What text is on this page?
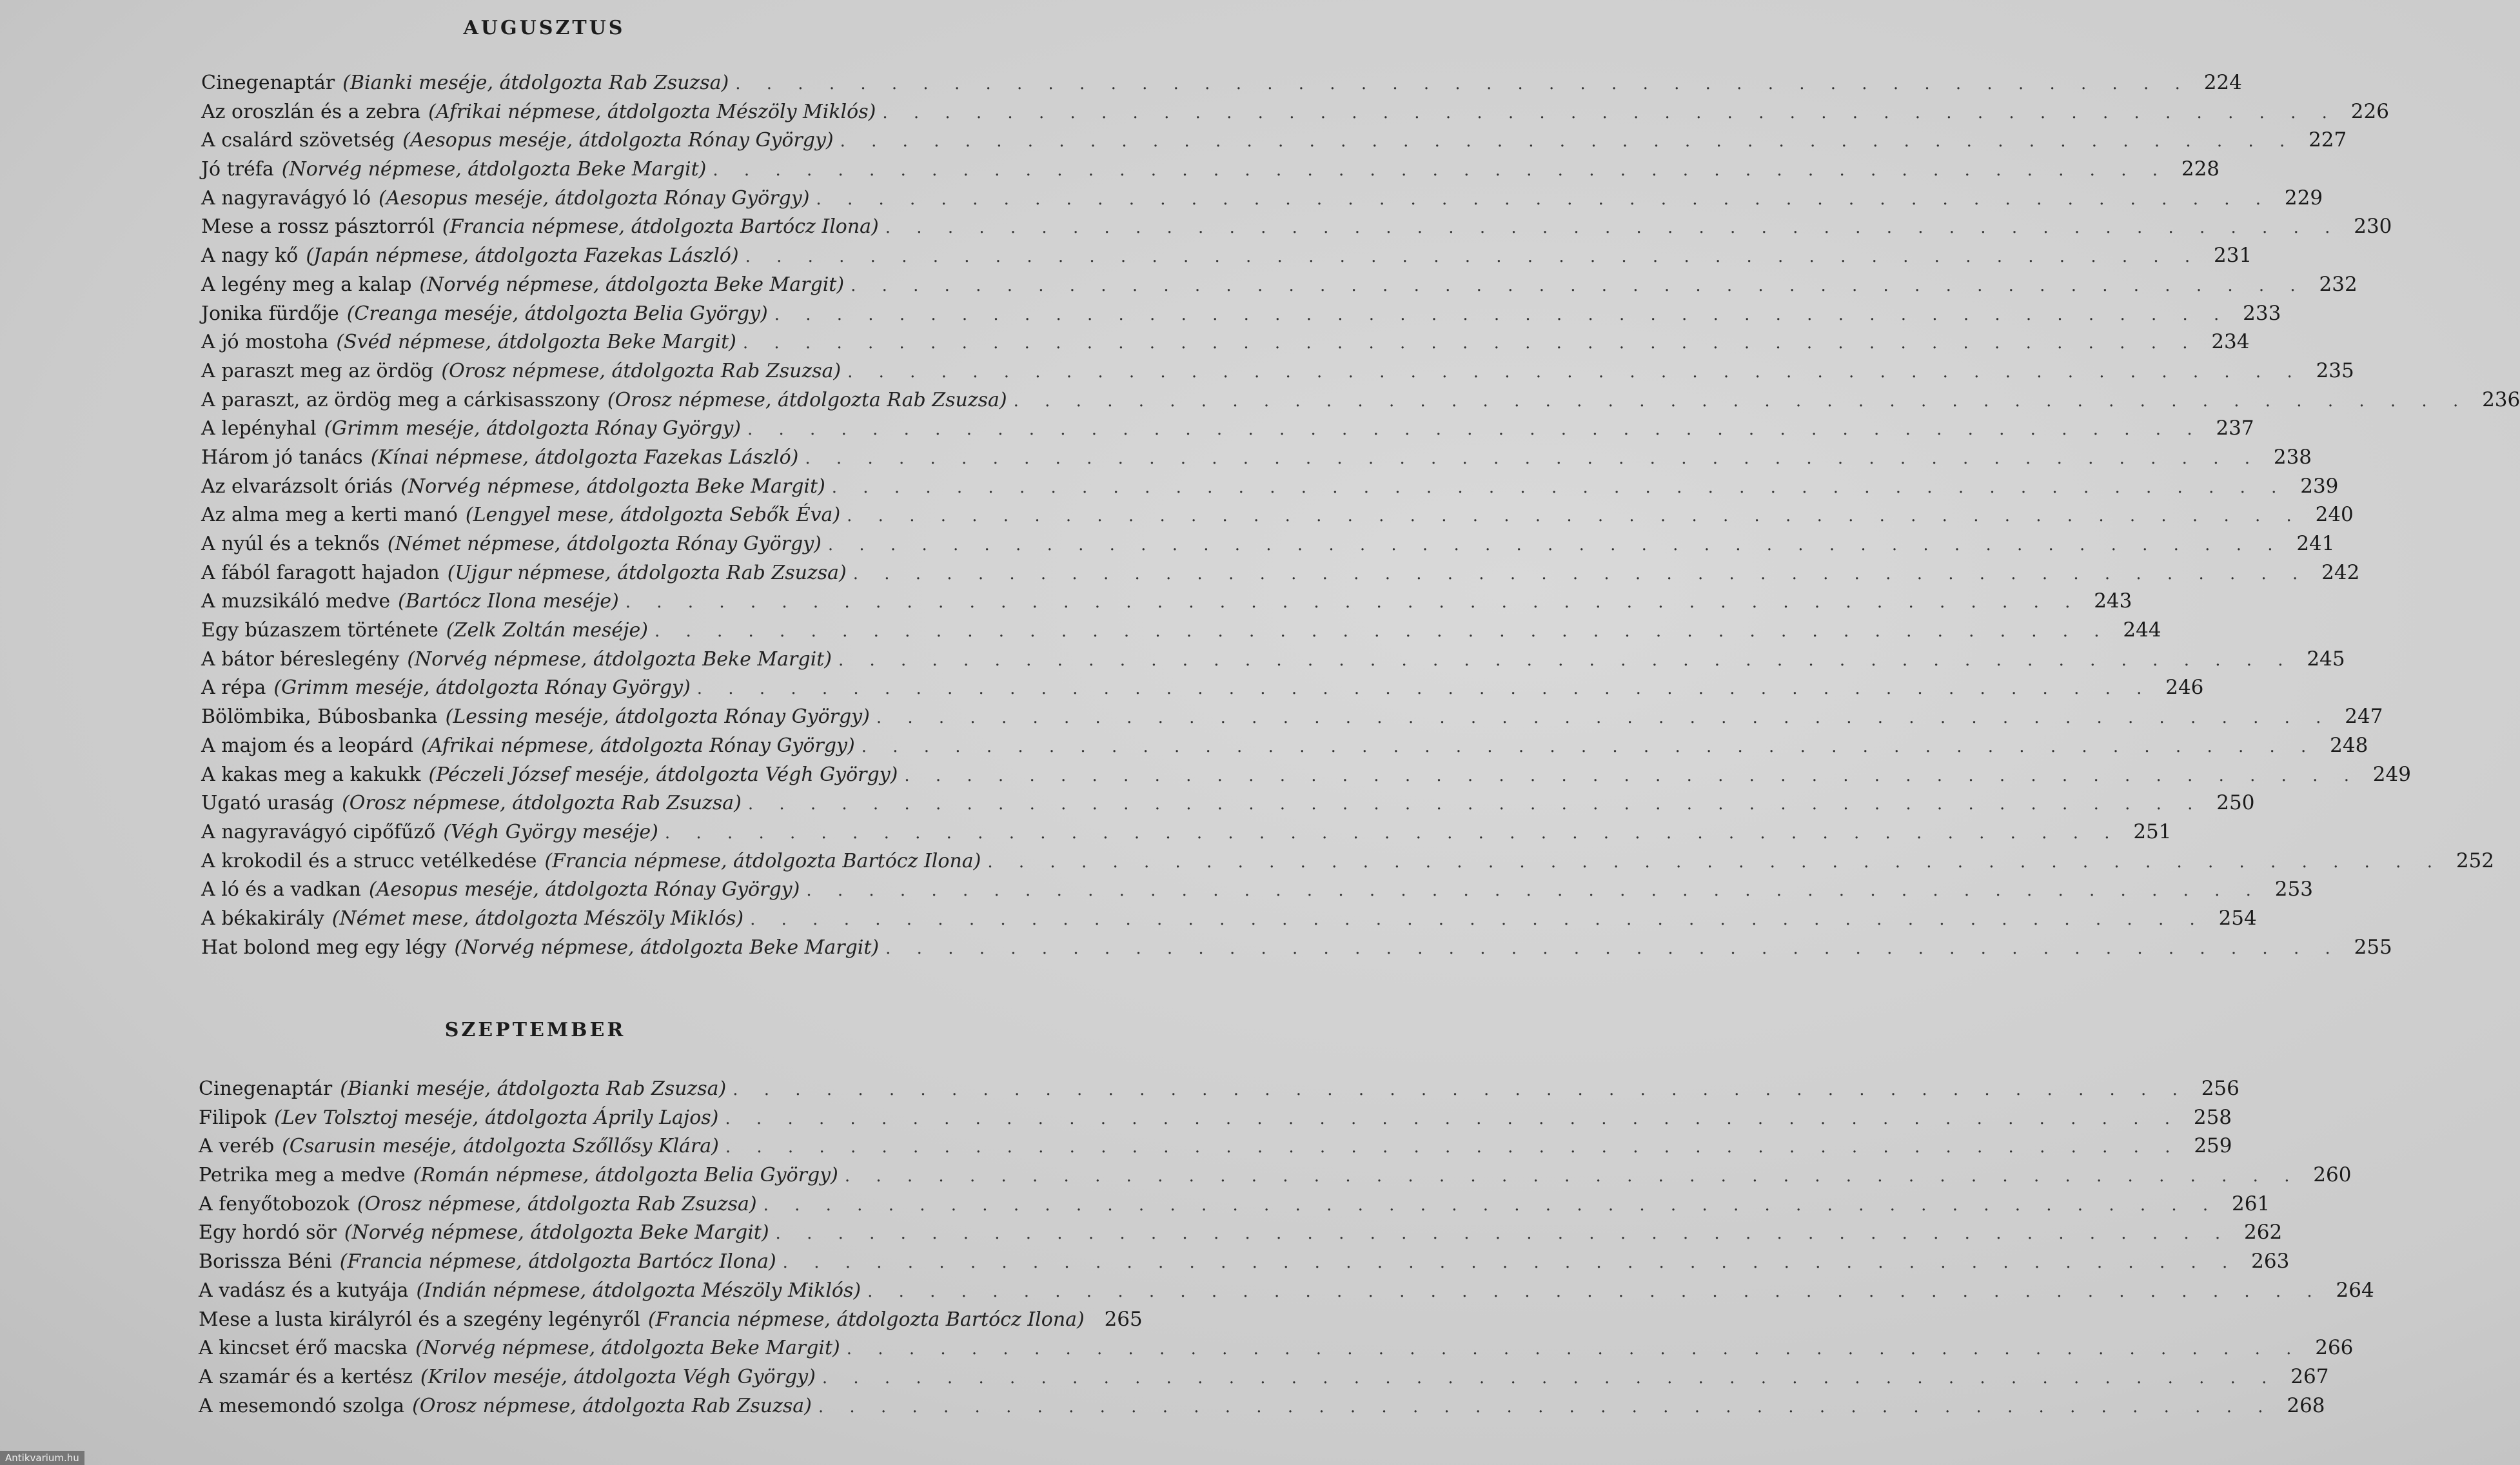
AUGUSZTUS
Cinegenaptár (Bianki meséje, átdolgozta Rab Zsuzsa) . . .	224
Az oroszlán és a zebra (Afrikai népmese, átdolgozta Mészöly Miklós) . . .	226
A csalárd szövetség (Aesopus meséje, átdolgozta Rónay György) . . .	227
Jó tréfa (Norvég népmese, átdolgozta Beke Margit) . . .	228
A nagyravágyó ló (Aesopus meséje, átdolgozta Rónay György) . . .	229
Mese a rossz pásztorról (Francia népmese, átdolgozta Bartócz Ilona) . . .	230
A nagy kő (Japán népmese, átdolgozta Fazekas László) . . .	231
A legény meg a kalap (Norvég népmese, átdolgozta Beke Margit) . . .	232
Jonika fürdője (Creanga meséje, átdolgozta Belia György) . . .	233
A jó mostoha (Svéd népmese, átdolgozta Beke Margit) . . .	234
A paraszt meg az ördög (Orosz népmese, átdolgozta Rab Zsuzsa) . . .	235
A paraszt, az ördög meg a cárkisasszony (Orosz népmese, átdolgozta Rab Zsuzsa) . . .	236
A lepényhal (Grimm meséje, átdolgozta Rónay György) . . .	237
Három jó tanács (Kínai népmese, átdolgozta Fazekas László) . . .	238
Az elvarázsolt óriás (Norvég népmese, átdolgozta Beke Margit) . . .	239
Az alma meg a kerti manó (Lengyel mese, átdolgozta Sebők Éva) . . .	240
A nyúl és a teknős (Német népmese, átdolgozta Rónay György) . . .	241
A fából faragott hajadon (Ujgur népmese, átdolgozta Rab Zsuzsa) . . .	242
A muzsikáló medve (Bartócz Ilona meséje) . . .	243
Egy búzaszem története (Zelk Zoltán meséje) . . .	244
A bátor béreslegény (Norvég népmese, átdolgozta Beke Margit) . . .	245
A répa (Grimm meséje, átdolgozta Rónay György) . . .	246
Bölömbika, Búbosbanka (Lessing meséje, átdolgozta Rónay György) . . .	247
A majom és a leopárd (Afrikai népmese, átdolgozta Rónay György) . . .	248
A kakas meg a kakukk (Péczeli József meséje, átdolgozta Végh György) . . .	249
Ugató uraság (Orosz népmese, átdolgozta Rab Zsuzsa) . . .	250
A nagyravágyó cipőfűző (Végh György meséje) . . .	251
A krokodil és a strucc vetélkedése (Francia népmese, átdolgozta Bartócz Ilona) . . .	252
A ló és a vadkan (Aesopus meséje, átdolgozta Rónay György) . . .	253
A békakirály (Német mese, átdolgozta Mészöly Miklós) . . .	254
Hat bolond meg egy légy (Norvég népmese, átdolgozta Beke Margit) . . .	255
SZEPTEMBER
Cinegenaptár (Bianki meséje, átdolgozta Rab Zsuzsa) . . .	256
Filipok (Lev Tolsztoj meséje, átdolgozta Áprily Lajos) . . .	258
A veréb (Csarusin meséje, átdolgozta Szőllősy Klára) . . .	259
Petrika meg a medve (Román népmese, átdolgozta Belia György) . . .	260
A fenyőtobozok (Orosz népmese, átdolgozta Rab Zsuzsa) . . .	261
Egy hordó sör (Norvég népmese, átdolgozta Beke Margit) . . .	262
Borissza Béni (Francia népmese, átdolgozta Bartócz Ilona) . . .	263
A vadász és a kutyája (Indián népmese, átdolgozta Mészöly Miklós) . . .	264
Mese a lusta királyról és a szegény legényről (Francia népmese, átdolgozta Bartócz Ilona) 265
A kincset érő macska (Norvég népmese, átdolgozta Beke Margit) . . .	266
A szamár és a kertész (Krilov meséje, átdolgozta Végh György) . . .	267
A mesemondó szolga (Orosz népmese, átdolgozta Rab Zsuzsa) . . .	268
Antikvarium.hu
